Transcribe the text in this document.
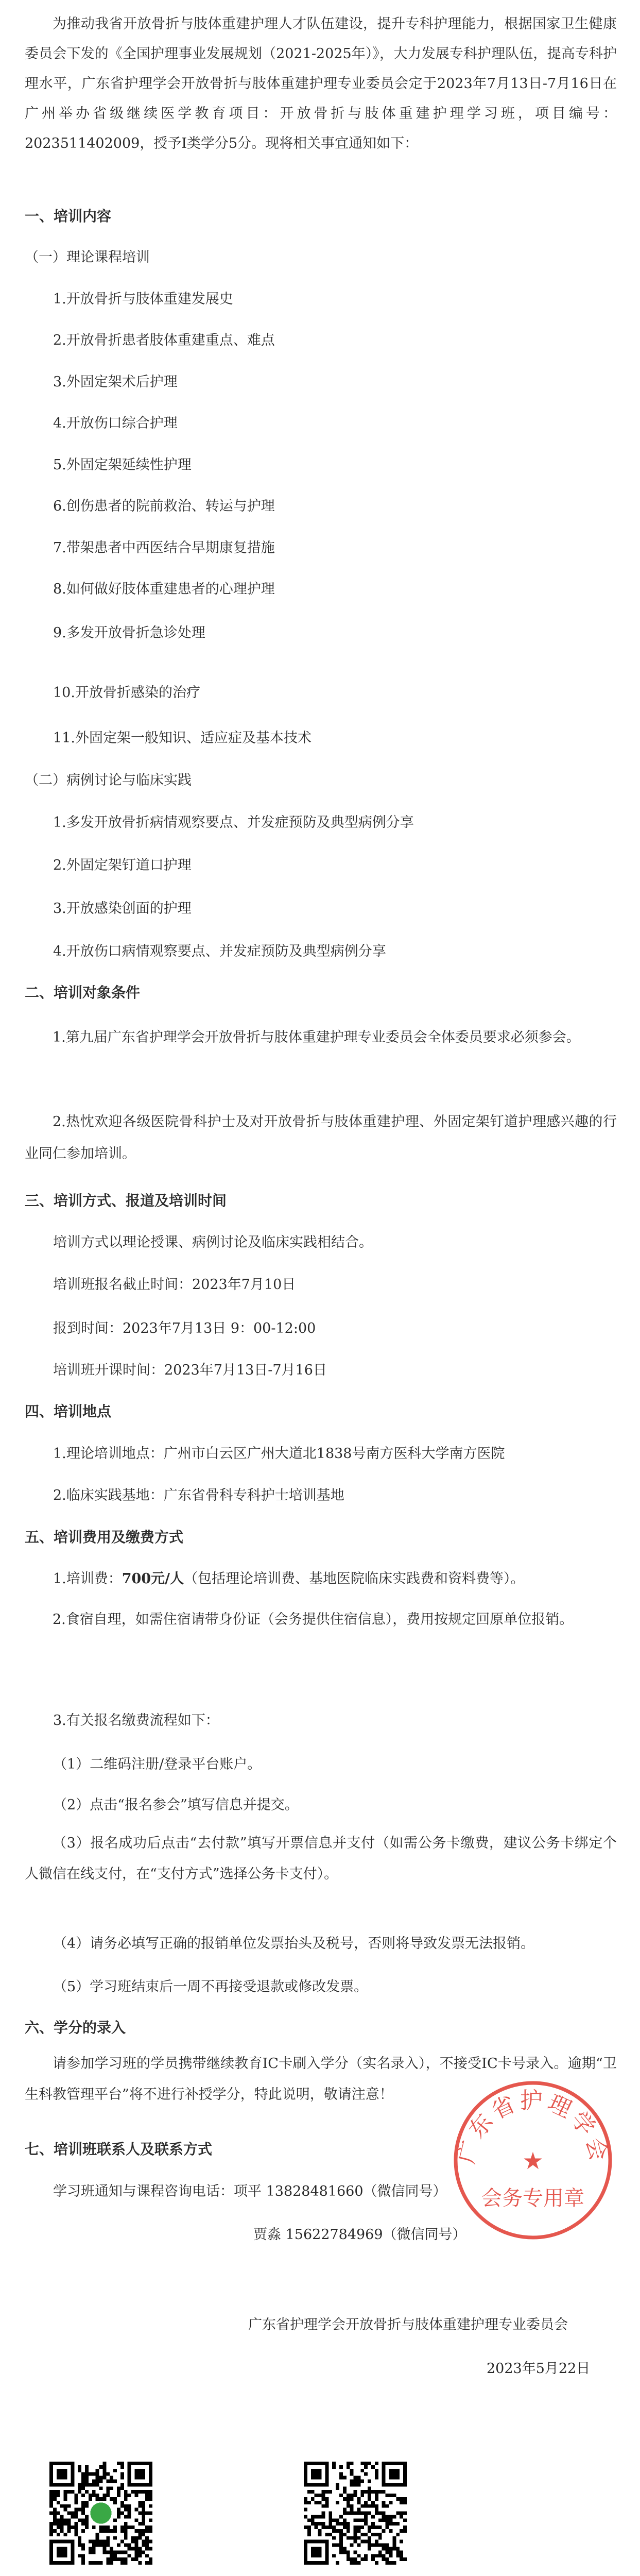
为推动我省开放骨折与肢体重建护理人才队伍建设，提升专科护理能力，根据国家卫生健康委员会下发的《全国护理事业发展规划（2021-2025年）》，大力发展专科护理队伍，提高专科护理水平，广东省护理学会开放骨折与肢体重建护理专业委员会定于2023年7月13日-7月16日在广州举办省级继续医学教育项目：开放骨折与肢体重建护理学习班，项目编号：2023511402009，授予Ⅰ类学分5分。现将相关事宜通知如下：

一、培训内容
（一）理论课程培训
1.开放骨折与肢体重建发展史
2.开放骨折患者肢体重建重点、难点
3.外固定架术后护理
4.开放伤口综合护理
5.外固定架延续性护理
6.创伤患者的院前救治、转运与护理
7.带架患者中西医结合早期康复措施
8.如何做好肢体重建患者的心理护理
9.多发开放骨折急诊处理
10.开放骨折感染的治疗
11.外固定架一般知识、适应症及基本技术
（二）病例讨论与临床实践
1.多发开放骨折病情观察要点、并发症预防及典型病例分享
2.外固定架钉道口护理
3.开放感染创面的护理
4.开放伤口病情观察要点、并发症预防及典型病例分享
二、培训对象条件

1.第九届广东省护理学会开放骨折与肢体重建护理专业委员会全体委员要求必须参会。

2.热忱欢迎各级医院骨科护士及对开放骨折与肢体重建护理、外固定架钉道护理感兴趣的行业同仁参加培训。

三、培训方式、报道及培训时间
培训方式以理论授课、病例讨论及临床实践相结合。
培训班报名截止时间：2023年7月10日
报到时间：2023年7月13日 9：00-12:00
培训班开课时间：2023年7月13日-7月16日
四、培训地点
1.理论培训地点：广州市白云区广州大道北1838号南方医科大学南方医院
2.临床实践基地：广东省骨科专科护士培训基地
五、培训费用及缴费方式
1.培训费：700元/人（包括理论培训费、基地医院临床实践费和资料费等）。

2.食宿自理，如需住宿请带身份证（会务提供住宿信息），费用按规定回原单位报销。

3.有关报名缴费流程如下：
（1）二维码注册/登录平台账户。
（2）点击“报名参会”填写信息并提交。

（3）报名成功后点击“去付款”填写开票信息并支付（如需公务卡缴费，建议公务卡绑定个人微信在线支付，在“支付方式”选择公务卡支付）。

（4）请务必填写正确的报销单位发票抬头及税号，否则将导致发票无法报销。
（5）学习班结束后一周不再接受退款或修改发票。
六、学分的录入

请参加学习班的学员携带继续教育IC卡刷入学分（实名录入），不接受IC卡号录入。逾期“卫生科教管理平台”将不进行补授学分，特此说明，敬请注意！

七、培训班联系人及联系方式
学习班通知与课程咨询电话：项平 13828481660（微信同号）
贾淼 15622784969（微信同号）
广东省护理学会
★
会务专用章
广东省护理学会开放骨折与肢体重建护理专业委员会
2023年5月22日
